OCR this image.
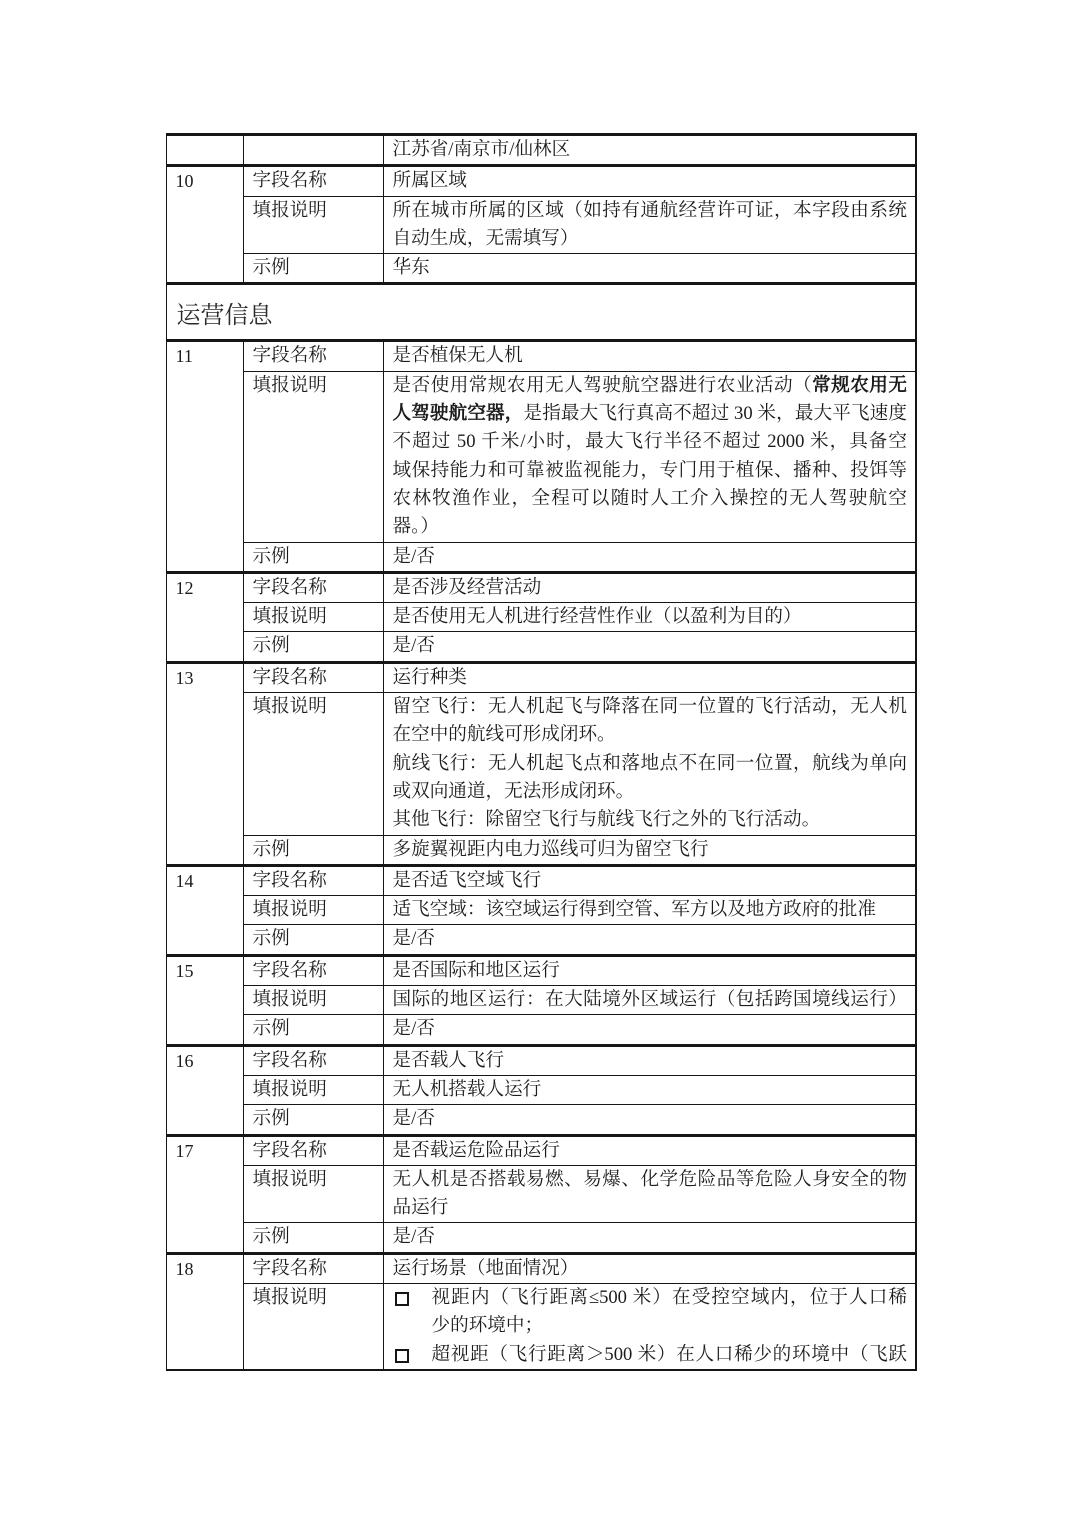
江苏省/南京市/仙林区
10	字段名称	所属区域
填报说明	所在城市所属的区域（如持有通航经营许可证，本字段由系统
自动生成，无需填写）
示例	华东
运营信息
11	字段名称	是否植保无人机
填报说明	是否使用常规农用无人驾驶航空器进行农业活动（常规农用无
人驾驶航空器，是指最大飞行真高不超过 30 米，最大平飞速度
不超过 50 千米/小时，最大飞行半径不超过 2000 米，具备空
域保持能力和可靠被监视能力，专门用于植保、播种、投饵等
农林牧渔作业，全程可以随时人工介入操控的无人驾驶航空
器。）
示例	是/否
12	字段名称	是否涉及经营活动
填报说明	是否使用无人机进行经营性作业（以盈利为目的）
示例	是/否
13	字段名称	运行种类
填报说明	留空飞行：无人机起飞与降落在同一位置的飞行活动，无人机
在空中的航线可形成闭环。
航线飞行：无人机起飞点和落地点不在同一位置，航线为单向
或双向通道，无法形成闭环。
其他飞行：除留空飞行与航线飞行之外的飞行活动。
示例	多旋翼视距内电力巡线可归为留空飞行
14	字段名称	是否适飞空域飞行
填报说明	适飞空域：该空域运行得到空管、军方以及地方政府的批准
示例	是/否
15	字段名称	是否国际和地区运行
填报说明	国际的地区运行：在大陆境外区域运行（包括跨国境线运行）
示例	是/否
16	字段名称	是否载人飞行
填报说明	无人机搭载人运行
示例	是/否
17	字段名称	是否载运危险品运行
填报说明	无人机是否搭载易燃、易爆、化学危险品等危险人身安全的物
品运行
示例	是/否
18	字段名称	运行场景（地面情况）
填报说明	视距内（飞行距离≤500 米）在受控空域内，位于人口稀
少的环境中；
超视距（飞行距离＞500 米）在人口稀少的环境中（飞跃
